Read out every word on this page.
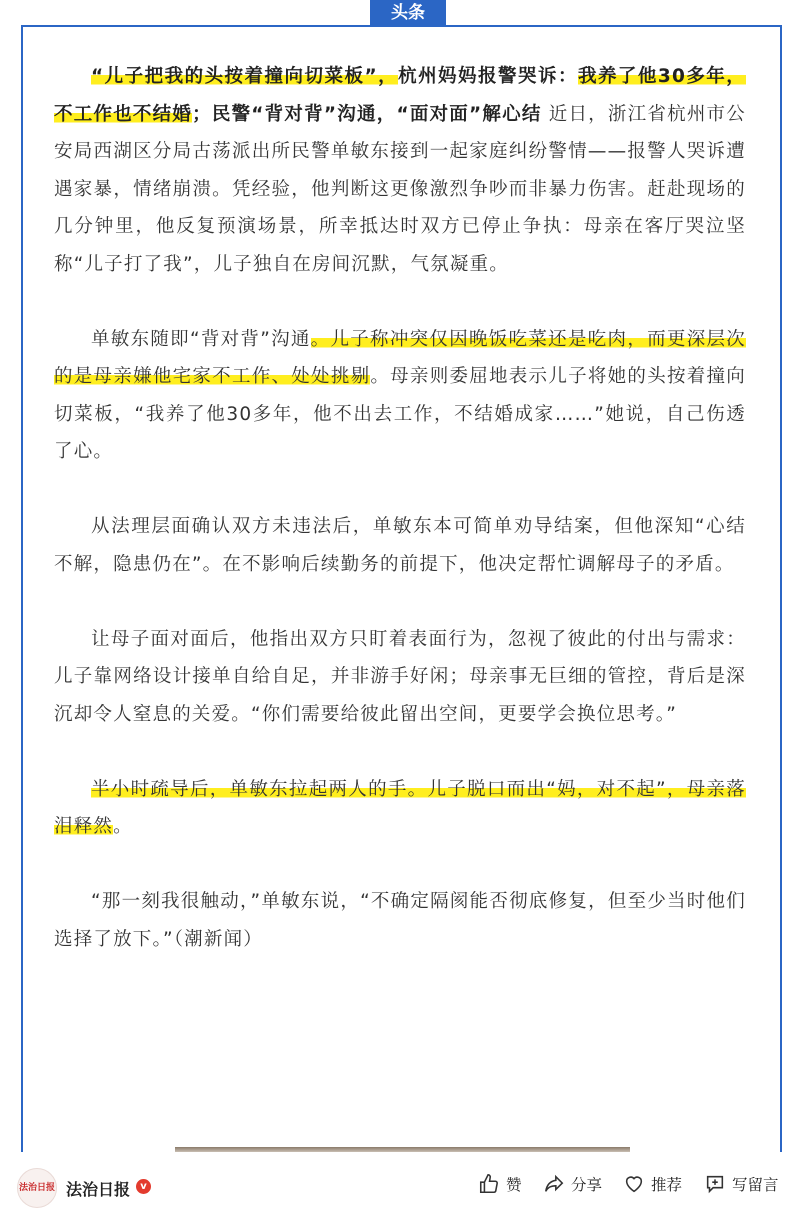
头条

“儿子把我的头按着撞向切菜板”，杭州妈妈报警哭诉：我养了他30多年，不工作也不结婚；民警“背对背”沟通，“面对面”解心结 近日，浙江省杭州市公安局西湖区分局古荡派出所民警单敏东接到一起家庭纠纷警情——报警人哭诉遭遇家暴，情绪崩溃。凭经验，他判断这更像激烈争吵而非暴力伤害。赶赴现场的几分钟里，他反复预演场景，所幸抵达时双方已停止争执：母亲在客厅哭泣坚称“儿子打了我”，儿子独自在房间沉默，气氛凝重。

单敏东随即“背对背”沟通。儿子称冲突仅因晚饭吃菜还是吃肉，而更深层次的是母亲嫌他宅家不工作、处处挑剔。母亲则委屈地表示儿子将她的头按着撞向切菜板，“我养了他30多年，他不出去工作，不结婚成家……”她说，自己伤透了心。

从法理层面确认双方未违法后，单敏东本可简单劝导结案，但他深知“心结不解，隐患仍在”。在不影响后续勤务的前提下，他决定帮忙调解母子的矛盾。

让母子面对面后，他指出双方只盯着表面行为，忽视了彼此的付出与需求：儿子靠网络设计接单自给自足，并非游手好闲；母亲事无巨细的管控，背后是深沉却令人窒息的关爱。“你们需要给彼此留出空间，更要学会换位思考。”

半小时疏导后，单敏东拉起两人的手。儿子脱口而出“妈，对不起”，母亲落泪释然。

“那一刻我很触动，”单敏东说，“不确定隔阂能否彻底修复，但至少当时他们选择了放下。”（潮新闻）

法治日报 法治日报	v	赞	分享	推荐	写留言
